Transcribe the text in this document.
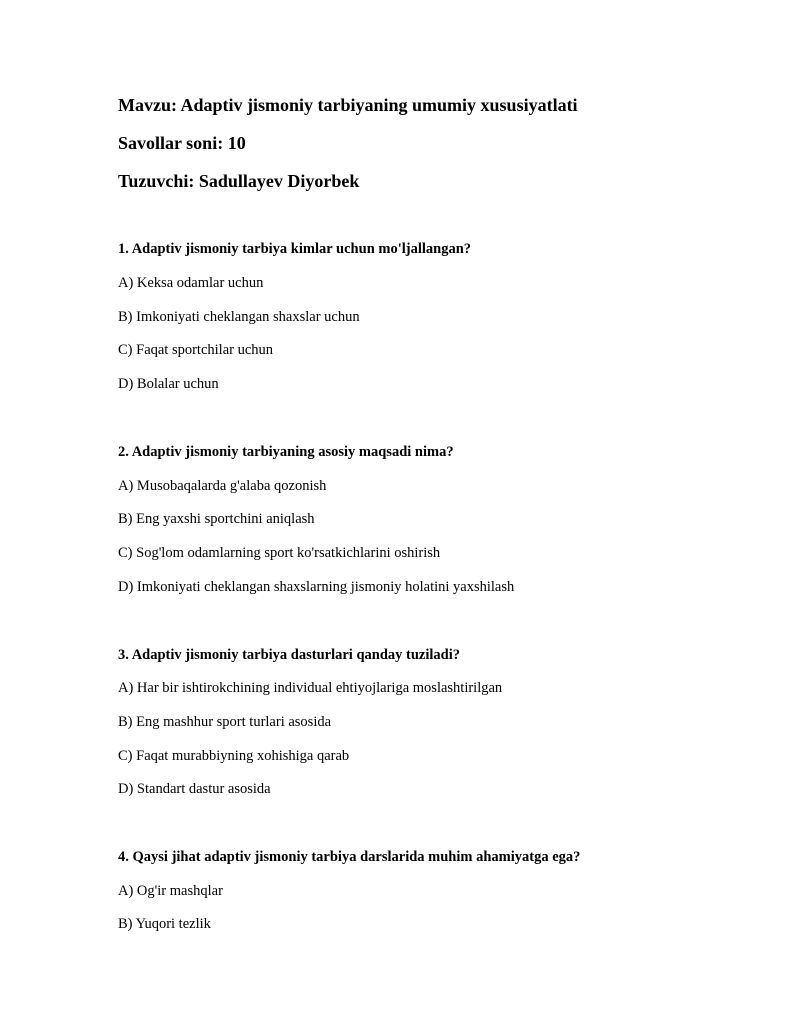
Mavzu: Adaptiv jismoniy tarbiyaning umumiy xususiyatlati
Savollar soni: 10
Tuzuvchi: Sadullayev Diyorbek
1. Adaptiv jismoniy tarbiya kimlar uchun mo'ljallangan?
A) Keksa odamlar uchun
B) Imkoniyati cheklangan shaxslar uchun
C) Faqat sportchilar uchun
D) Bolalar uchun
2. Adaptiv jismoniy tarbiyaning asosiy maqsadi nima?
A) Musobaqalarda g'alaba qozonish
B) Eng yaxshi sportchini aniqlash
C) Sog'lom odamlarning sport ko'rsatkichlarini oshirish
D) Imkoniyati cheklangan shaxslarning jismoniy holatini yaxshilash
3. Adaptiv jismoniy tarbiya dasturlari qanday tuziladi?
A) Har bir ishtirokchining individual ehtiyojlariga moslashtirilgan
B) Eng mashhur sport turlari asosida
C) Faqat murabbiyning xohishiga qarab
D) Standart dastur asosida
4. Qaysi jihat adaptiv jismoniy tarbiya darslarida muhim ahamiyatga ega?
A) Og'ir mashqlar
B) Yuqori tezlik
